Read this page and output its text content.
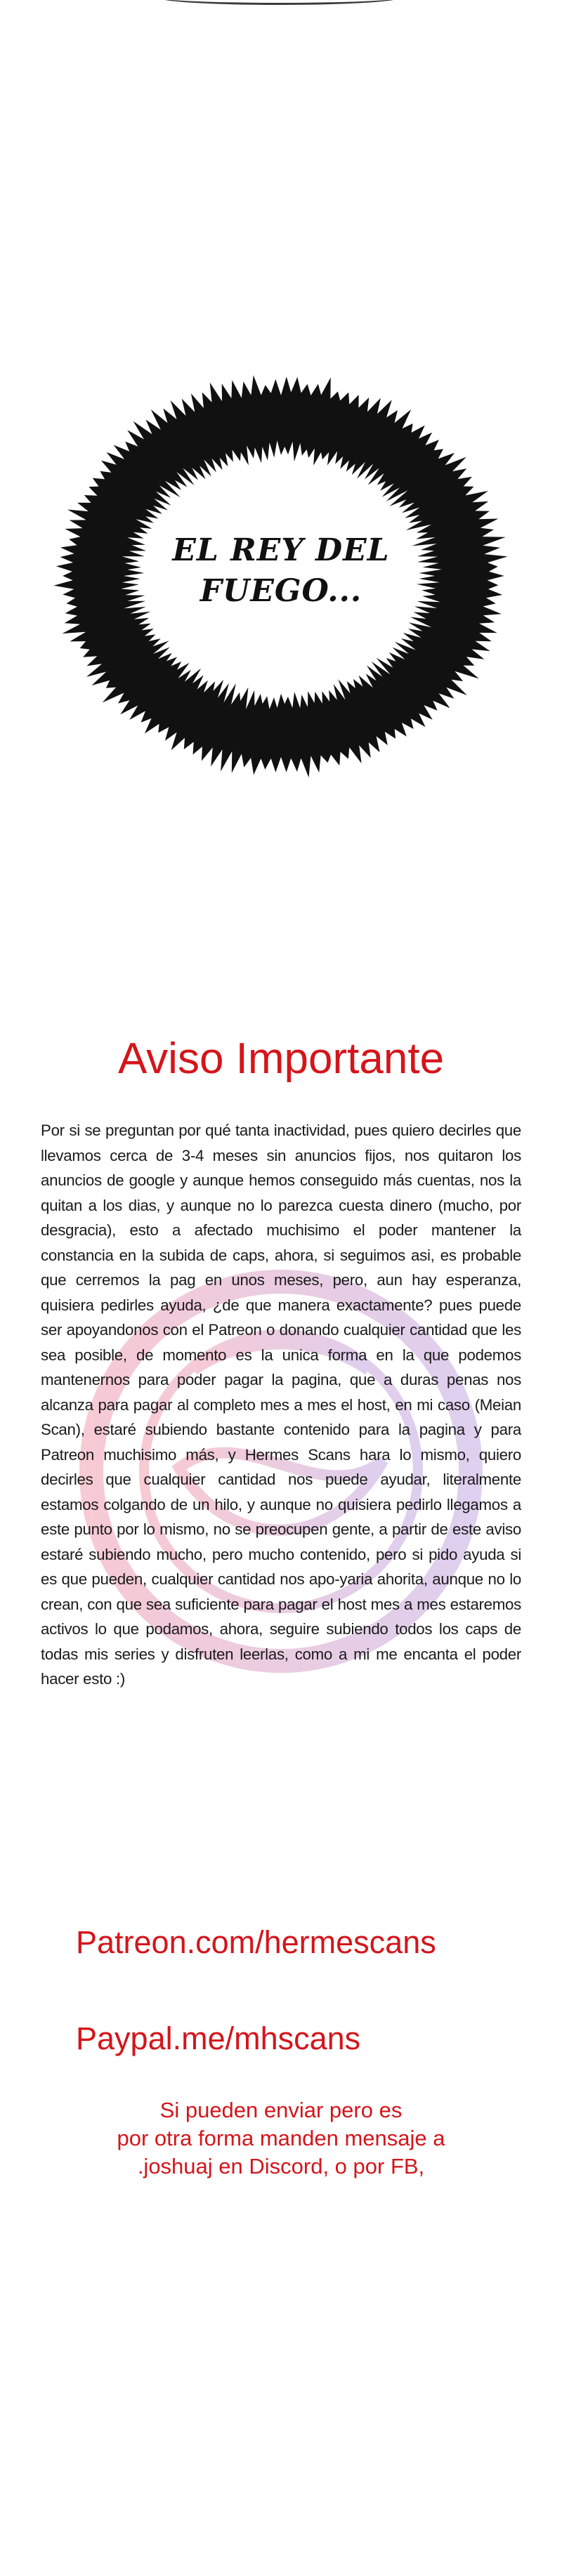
EL REY DEL
FUEGO...
Aviso Importante

Por si se preguntan por qué tanta inactividad, pues quiero decirles que llevamos cerca de 3-4 meses sin anuncios fijos, nos quitaron los anuncios de google y aunque hemos conseguido más cuentas, nos la quitan a los dias, y aunque no lo parezca cuesta dinero (mucho, por desgracia), esto a afectado muchisimo el poder mantener la constancia en la subida de caps, ahora, si seguimos asi, es probable que cerremos la pag en unos meses, pero, aun hay esperanza, quisiera pedirles ayuda, ¿de que manera exactamente? pues puede ser apoyandonos con el Patreon o donando cualquier cantidad que les sea posible, de momento es la unica forma en la que podemos mantenernos para poder pagar la pagina, que a duras penas nos alcanza para pagar al completo mes a mes el host, en mi caso (Meian Scan), estaré subiendo bastante contenido para la pagina y para Patreon muchisimo más, y Hermes Scans hara lo mismo, quiero decirles que cualquier cantidad nos puede ayudar, literalmente estamos colgando de un hilo, y aunque no quisiera pedirlo llegamos a este punto por lo mismo, no se preocupen gente, a partir de este aviso estaré subiendo mucho, pero mucho contenido, pero si pido ayuda si es que pueden, cualquier cantidad nos apo-yaria ahorita, aunque no lo crean, con que sea suficiente para pagar el host mes a mes estaremos activos lo que podamos, ahora, seguire subiendo todos los caps de todas mis series y disfruten leerlas, como a mi me encanta el poder hacer esto :)

Patreon.com/hermescans
Paypal.me/mhscans
Si pueden enviar pero es
por otra forma manden mensaje a
.joshuaj en Discord, o por FB,
